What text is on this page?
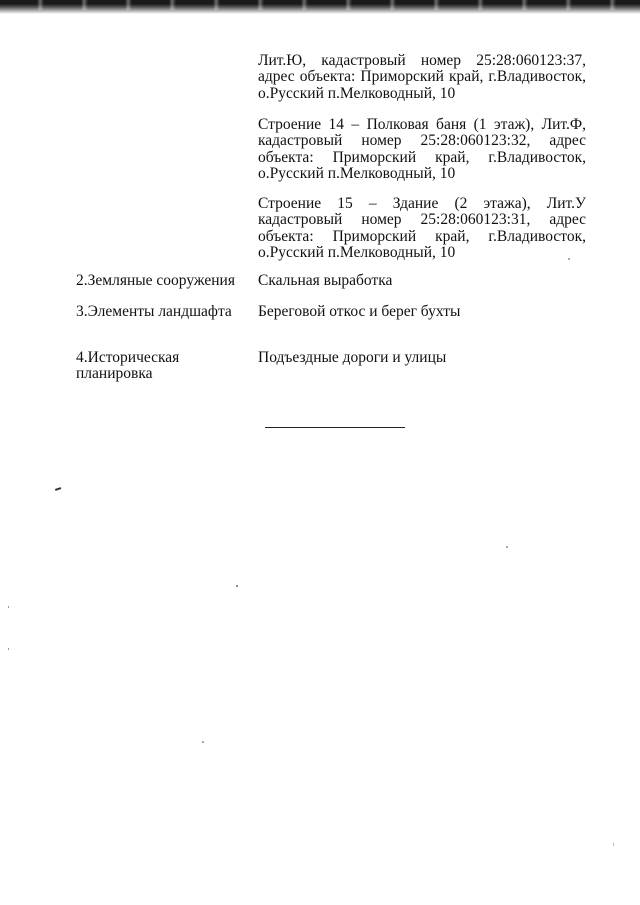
Лит.Ю, кадастровый номер 25:28:060123:37, адрес объекта: Приморский край, г.Владивосток, о.Русский п.Мелководный, 10

Строение 14 – Полковая баня (1 этаж), Лит.Ф, кадастровый номер 25:28:060123:32, адрес объекта: Приморский край, г.Владивосток, о.Русский п.Мелководный, 10

Строение 15 – Здание (2 этажа), Лит.У кадастровый номер 25:28:060123:31, адрес объекта: Приморский край, г.Владивосток, о.Русский п.Мелководный, 10

2.Земляные сооружения	Скальная выработка

3.Элементы ландшафта	Береговой откос и берег бухты

4.Историческая планировка

Подъездные дороги и улицы
